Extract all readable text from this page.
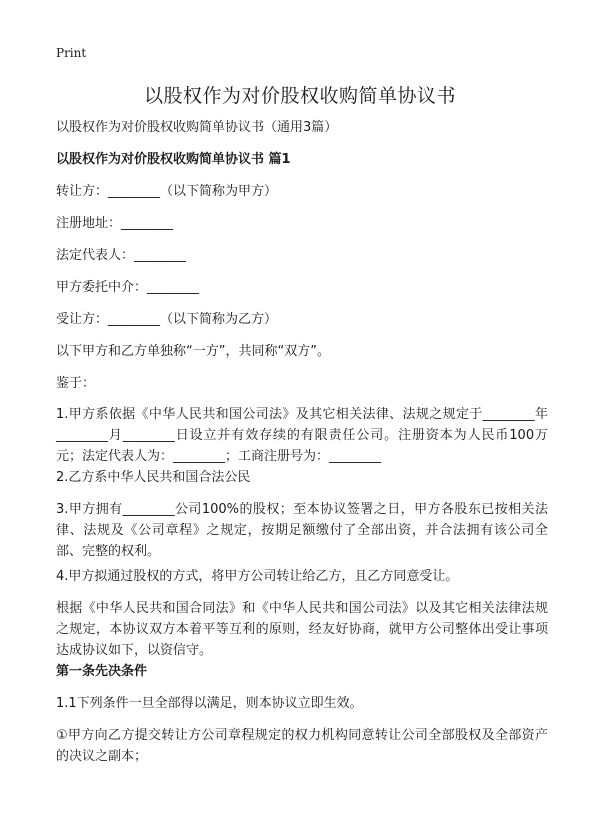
Print
以股权作为对价股权收购简单协议书

以股权作为对价股权收购简单协议书（通用3篇）

以股权作为对价股权收购简单协议书 篇1

转让方：________（以下简称为甲方）

注册地址：________

法定代表人：________

甲方委托中介：________

受让方：________（以下简称为乙方）

以下甲方和乙方单独称“一方”，共同称“双方”。

鉴于：

1.甲方系依据《中华人民共和国公司法》及其它相关法律、法规之规定于________年________月________日设立并有效存续的有限责任公司。注册资本为人民币100万元；法定代表人为：________；工商注册号为：________

2.乙方系中华人民共和国合法公民

3.甲方拥有________公司100%的股权；至本协议签署之日，甲方各股东已按相关法律、法规及《公司章程》之规定，按期足额缴付了全部出资，并合法拥有该公司全部、完整的权利。

4.甲方拟通过股权的方式，将甲方公司转让给乙方，且乙方同意受让。

根据《中华人民共和国合同法》和《中华人民共和国公司法》以及其它相关法律法规之规定，本协议双方本着平等互利的原则，经友好协商，就甲方公司整体出受让事项达成协议如下，以资信守。

第一条先决条件

1.1下列条件一旦全部得以满足，则本协议立即生效。

①甲方向乙方提交转让方公司章程规定的权力机构同意转让公司全部股权及全部资产的决议之副本；
